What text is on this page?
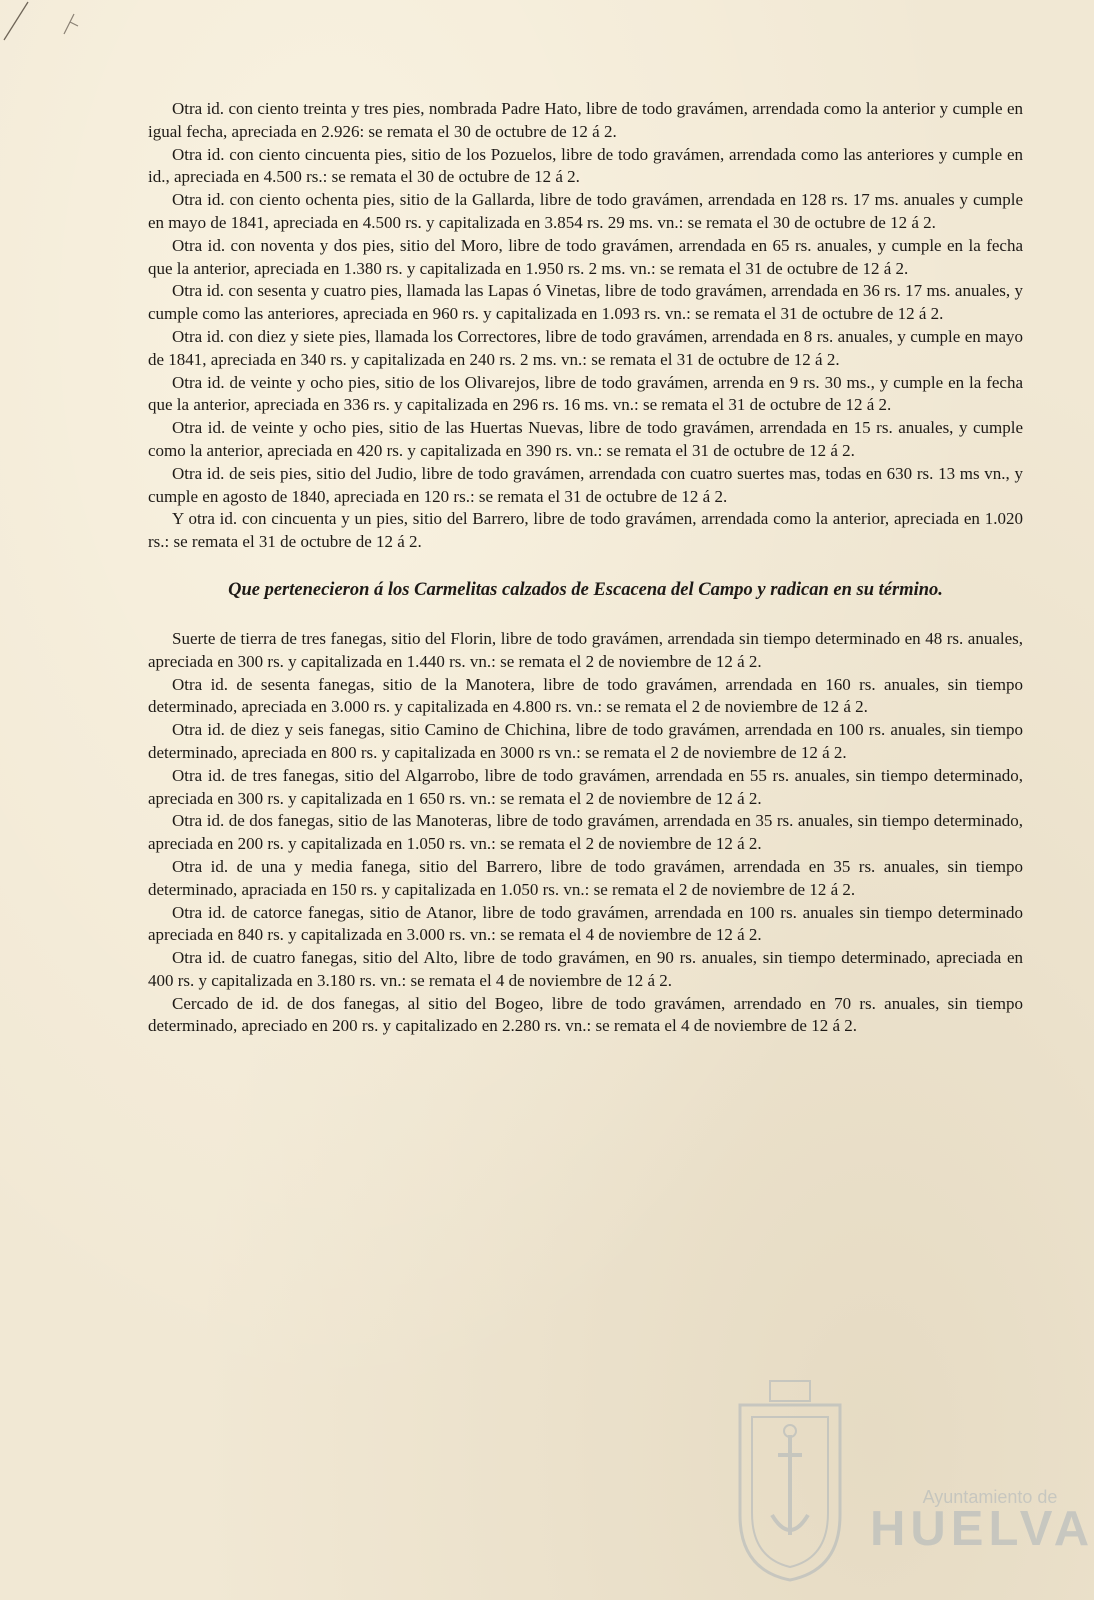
Otra id. con ciento treinta y tres pies, nombrada Padre Hato, libre de todo gravámen, arrendada como la anterior y cumple en igual fecha, apreciada en 2.926: se remata el 30 de octubre de 12 á 2.

Otra id. con ciento cincuenta pies, sitio de los Pozuelos, libre de todo gravámen, arrendada como las anteriores y cumple en id., apreciada en 4.500 rs.: se remata el 30 de octubre de 12 á 2.

Otra id. con ciento ochenta pies, sitio de la Gallarda, libre de todo gravámen, arrendada en 128 rs. 17 ms. anuales y cumple en mayo de 1841, apreciada en 4.500 rs. y capitalizada en 3.854 rs. 29 ms. vn.: se remata el 30 de octubre de 12 á 2.

Otra id. con noventa y dos pies, sitio del Moro, libre de todo gravámen, arrendada en 65 rs. anuales, y cumple en la fecha que la anterior, apreciada en 1.380 rs. y capitalizada en 1.950 rs. 2 ms. vn.: se remata el 31 de octubre de 12 á 2.

Otra id. con sesenta y cuatro pies, llamada las Lapas ó Vinetas, libre de todo gravámen, arrendada en 36 rs. 17 ms. anuales, y cumple como las anteriores, apreciada en 960 rs. y capitalizada en 1.093 rs. vn.: se remata el 31 de octubre de 12 á 2.

Otra id. con diez y siete pies, llamada los Correctores, libre de todo gravámen, arrendada en 8 rs. anuales, y cumple en mayo de 1841, apreciada en 340 rs. y capitalizada en 240 rs. 2 ms. vn.: se remata el 31 de octubre de 12 á 2.

Otra id. de veinte y ocho pies, sitio de los Olivarejos, libre de todo gravámen, arrenda en 9 rs. 30 ms., y cumple en la fecha que la anterior, apreciada en 336 rs. y capitalizada en 296 rs. 16 ms. vn.: se remata el 31 de octubre de 12 á 2.

Otra id. de veinte y ocho pies, sitio de las Huertas Nuevas, libre de todo gravámen, arrendada en 15 rs. anuales, y cumple como la anterior, apreciada en 420 rs. y capitalizada en 390 rs. vn.: se remata el 31 de octubre de 12 á 2.

Otra id. de seis pies, sitio del Judio, libre de todo gravámen, arrendada con cuatro suertes mas, todas en 630 rs. 13 ms vn., y cumple en agosto de 1840, apreciada en 120 rs.: se remata el 31 de octubre de 12 á 2.

Y otra id. con cincuenta y un pies, sitio del Barrero, libre de todo gravámen, arrendada como la anterior, apreciada en 1.020 rs.: se remata el 31 de octubre de 12 á 2.

Que pertenecieron á los Carmelitas calzados de Escacena del Campo y radican en su término.

Suerte de tierra de tres fanegas, sitio del Florin, libre de todo gravámen, arrendada sin tiempo determinado en 48 rs. anuales, apreciada en 300 rs. y capitalizada en 1.440 rs. vn.: se remata el 2 de noviembre de 12 á 2.

Otra id. de sesenta fanegas, sitio de la Manotera, libre de todo gravámen, arrendada en 160 rs. anuales, sin tiempo determinado, apreciada en 3.000 rs. y capitalizada en 4.800 rs. vn.: se remata el 2 de noviembre de 12 á 2.

Otra id. de diez y seis fanegas, sitio Camino de Chichina, libre de todo gravámen, arrendada en 100 rs. anuales, sin tiempo determinado, apreciada en 800 rs. y capitalizada en 3000 rs vn.: se remata el 2 de noviembre de 12 á 2.

Otra id. de tres fanegas, sitio del Algarrobo, libre de todo gravámen, arrendada en 55 rs. anuales, sin tiempo determinado, apreciada en 300 rs. y capitalizada en 1 650 rs. vn.: se remata el 2 de noviembre de 12 á 2.

Otra id. de dos fanegas, sitio de las Manoteras, libre de todo gravámen, arrendada en 35 rs. anuales, sin tiempo determinado, apreciada en 200 rs. y capitalizada en 1.050 rs. vn.: se remata el 2 de noviembre de 12 á 2.

Otra id. de una y media fanega, sitio del Barrero, libre de todo gravámen, arrendada en 35 rs. anuales, sin tiempo determinado, apraciada en 150 rs. y capitalizada en 1.050 rs. vn.: se remata el 2 de noviembre de 12 á 2.

Otra id. de catorce fanegas, sitio de Atanor, libre de todo gravámen, arrendada en 100 rs. anuales sin tiempo determinado apreciada en 840 rs. y capitalizada en 3.000 rs. vn.: se remata el 4 de noviembre de 12 á 2.

Otra id. de cuatro fanegas, sitio del Alto, libre de todo gravámen, en 90 rs. anuales, sin tiempo determinado, apreciada en 400 rs. y capitalizada en 3.180 rs. vn.: se remata el 4 de noviembre de 12 á 2.

Cercado de id. de dos fanegas, al sitio del Bogeo, libre de todo gravámen, arrendado en 70 rs. anuales, sin tiempo determinado, apreciado en 200 rs. y capitalizado en 2.280 rs. vn.: se remata el 4 de noviembre de 12 á 2.

Ayuntamiento de
HUELVA
